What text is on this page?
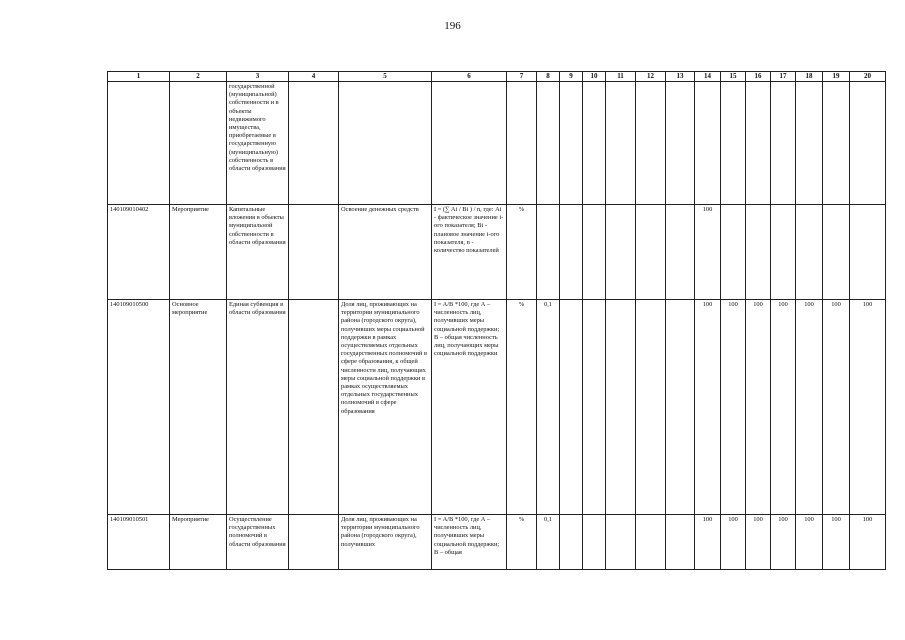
196
1	2	3	4	5	6	7	8	9	10	11	12	13	14	15	16	17	18	19	20
		государственной (муниципальной) собственности и в объекты недвижимого имущества, приобретаемые в государственную (муниципальную) собственность в области образования																	
140109010402	Мероприятие	Капитальные вложения в объекты муниципальной собственности в области образования		Освоение денежных средств	I = (∑ Ai / Bi ) / n, где: Ai - фактическое значение i-ого показателя; Bi - плановое значение i-ого показателя, n - количество показателей	%							100						
140109010500	Основное мероприятие	Единая субвенция в области образования		Доля лиц, проживающих на территории муниципального района (городского округа), получивших меры социальной поддержки в рамках осуществляемых отдельных государственных полномочий в сфере образования, к общей численности лиц, получающих меры социальной поддержки в рамках осуществляемых отдельных государственных полномочий в сфере образования	I = A/B *100, где А – численность лиц, получивших меры социальной поддержки; В – общая численность лиц, получающих меры социальной поддержки	%	0,1						100	100	100	100	100	100	100
140109010501	Мероприятие	Осуществление государственных полномочий в области образования		Доля лиц, проживающих на территории муниципального района (городского округа), получивших	I = A/B *100, где А – численность лиц, получивших меры социальной поддержки; В – общая	%	0,1						100	100	100	100	100	100	100
